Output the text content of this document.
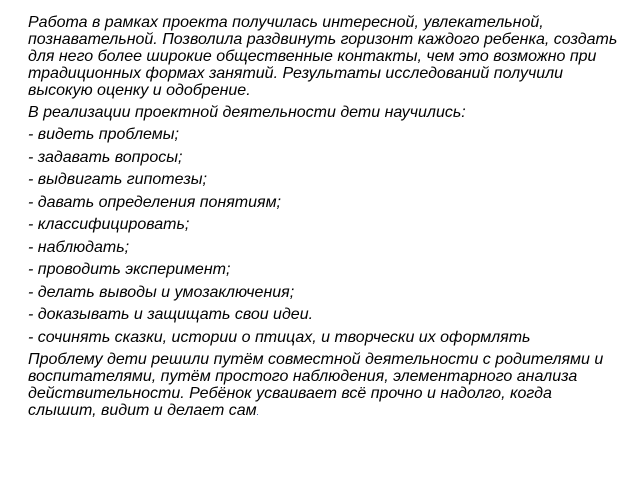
Работа в рамках проекта получилась интересной, увлекательной, познавательной. Позволила раздвинуть горизонт каждого ребенка, создать для него более широкие общественные контакты, чем это возможно при традиционных формах занятий. Результаты исследований получили высокую оценку и одобрение.

В реализации проектной деятельности дети научились:

- видеть проблемы;
- задавать вопросы;
- выдвигать гипотезы;
- давать определения понятиям;
- классифицировать;
- наблюдать;
- проводить эксперимент;
- делать выводы и умозаключения;
- доказывать и защищать свои идеи.
- сочинять сказки, истории о птицах, и творчески их оформлять

Проблему дети решили путём совместной деятельности с родителями и воспитателями, путём простого наблюдения, элементарного анализа действительности. Ребёнок усваивает всё прочно и надолго, когда слышит, видит и делает сам.
